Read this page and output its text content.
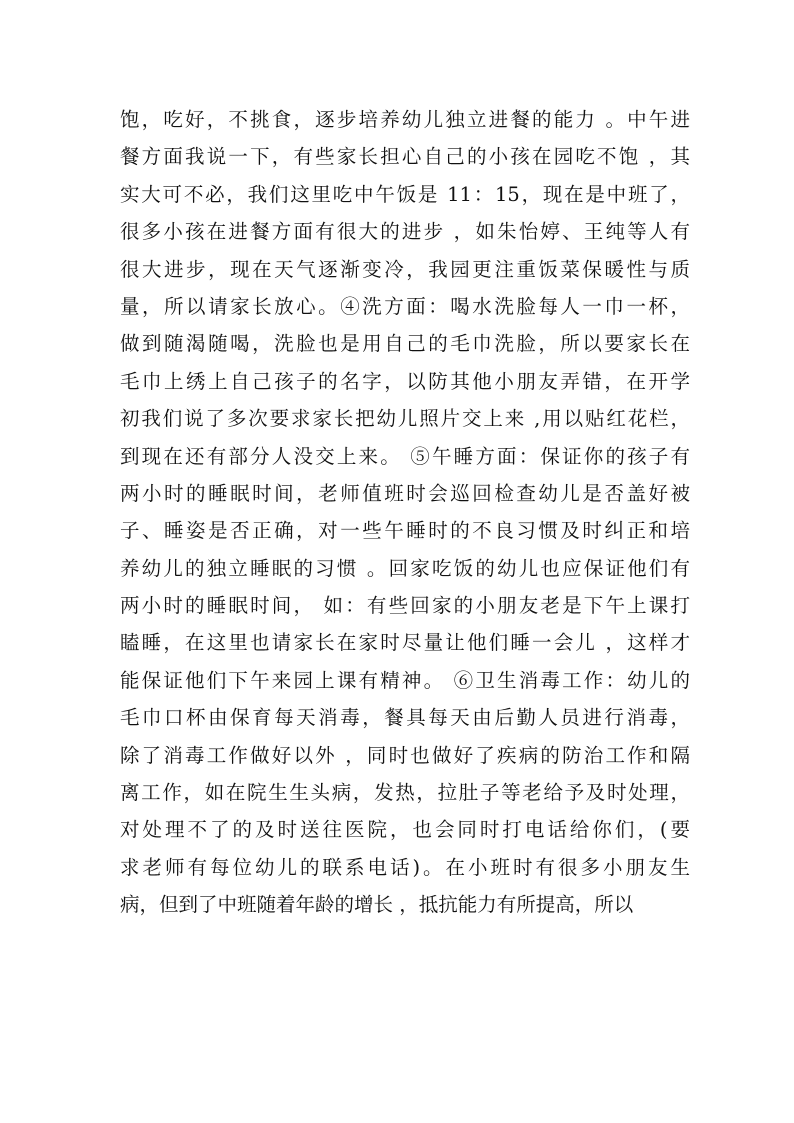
饱，吃好，不挑食，逐步培养幼儿独立进餐的能力 。中午进
餐方面我说一下，有些家长担心自己的小孩在园吃不饱 ，其
实大可不必，我们这里吃中午饭是 11：15，现在是中班了，
很多小孩在进餐方面有很大的进步 ，如朱怡婷、王纯等人有
很大进步，现在天气逐渐变冷，我园更注重饭菜保暖性与质
量，所以请家长放心。④洗方面：喝水洗脸每人一巾一杯，
做到随渴随喝，洗脸也是用自己的毛巾洗脸，所以要家长在
毛巾上绣上自己孩子的名字，以防其他小朋友弄错，在开学
初我们说了多次要求家长把幼儿照片交上来 ,用以贴红花栏，
到现在还有部分人没交上来。 ⑤午睡方面：保证你的孩子有
两小时的睡眠时间，老师值班时会巡回检查幼儿是否盖好被
子、睡姿是否正确，对一些午睡时的不良习惯及时纠正和培
养幼儿的独立睡眠的习惯 。回家吃饭的幼儿也应保证他们有
两小时的睡眠时间， 如：有些回家的小朋友老是下午上课打
瞌睡，在这里也请家长在家时尽量让他们睡一会儿 ，这样才
能保证他们下午来园上课有精神。 ⑥卫生消毒工作：幼儿的
毛巾口杯由保育每天消毒，餐具每天由后勤人员进行消毒，
除了消毒工作做好以外 ，同时也做好了疾病的防治工作和隔
离工作，如在院生生头病，发热，拉肚子等老给予及时处理，
对处理不了的及时送往医院，也会同时打电话给你们，(要
求老师有每位幼儿的联系电话)。在小班时有很多小朋友生
病，但到了中班随着年龄的增长 ，抵抗能力有所提高，所以
